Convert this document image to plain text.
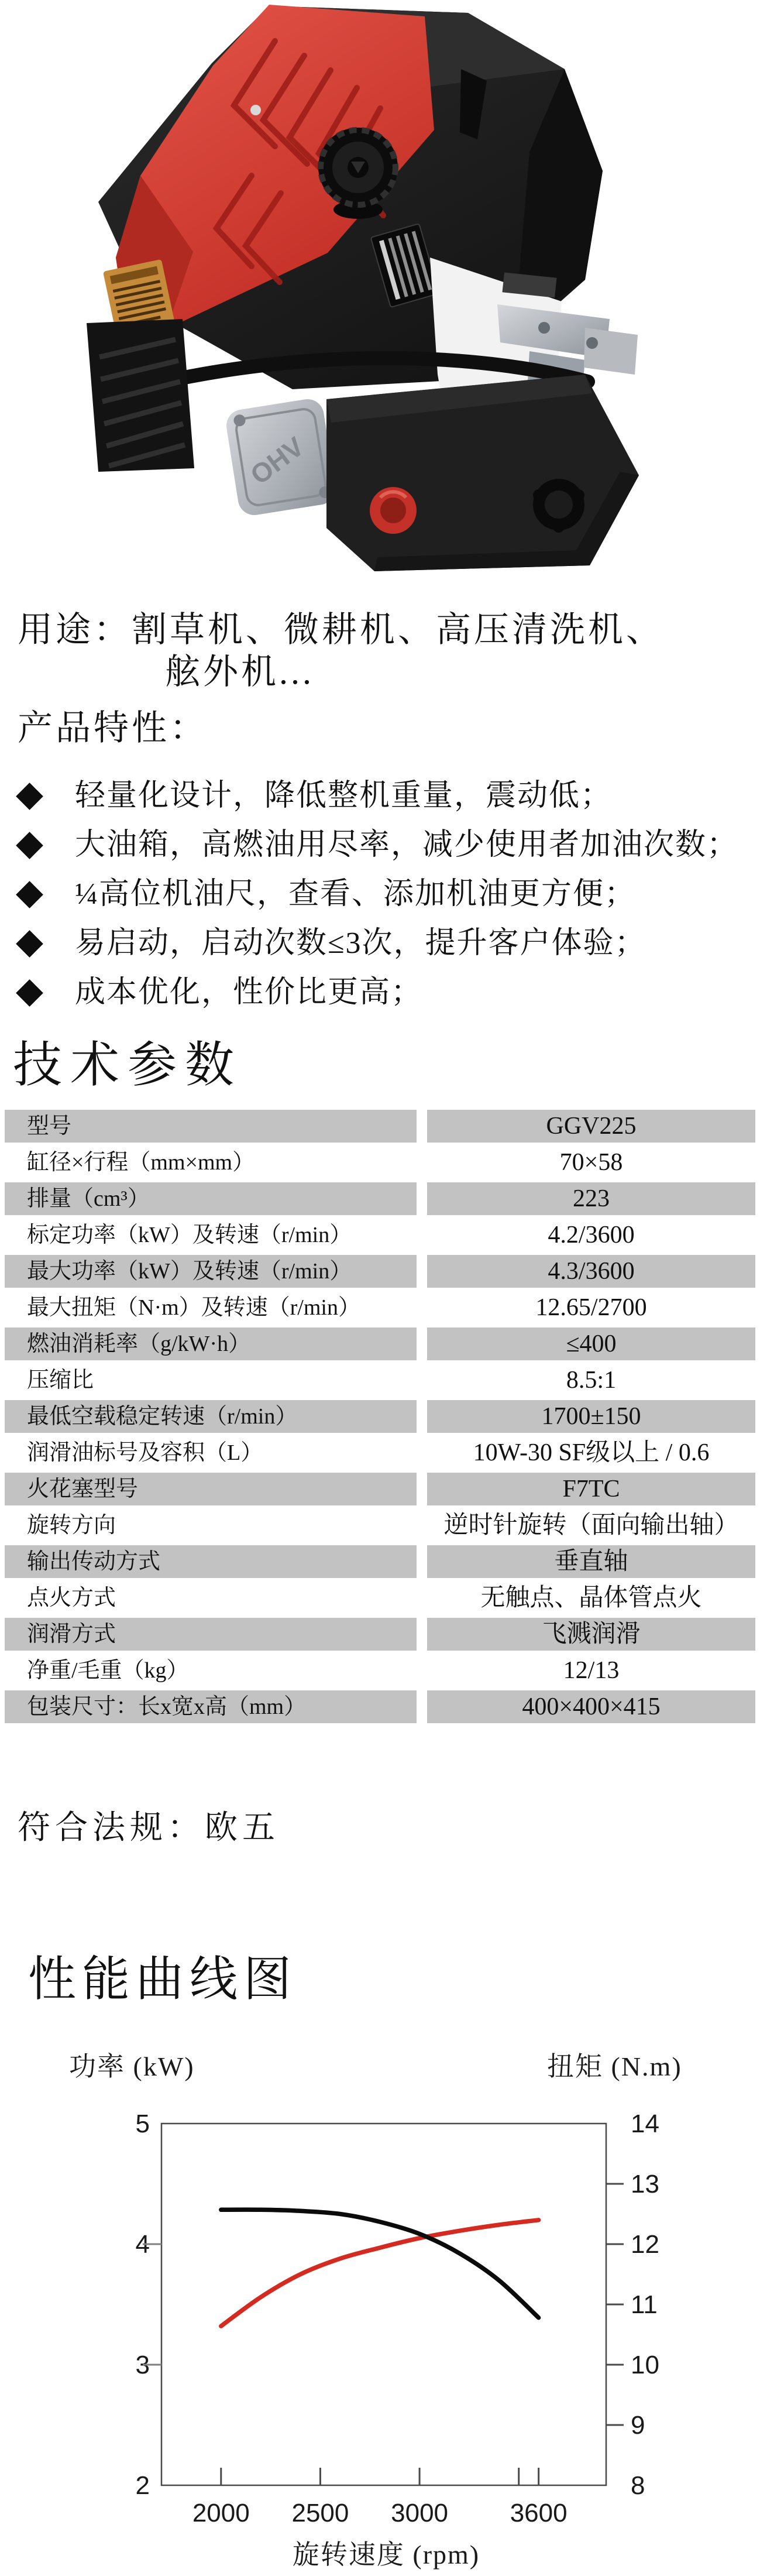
OHV
用途：割草机、微耕机、高压清洗机、
舷外机...
产品特性：
轻量化设计，降低整机重量，震动低；
大油箱，高燃油用尽率，减少使用者加油次数；
¼高位机油尺，查看、添加机油更方便；
易启动，启动次数≤3次，提升客户体验；
成本优化，性价比更高；
技术参数
型号	GGV225
缸径×行程（mm×mm）	70×58
排量（cm³）	223
标定功率（kW）及转速（r/min）	4.2/3600
最大功率（kW）及转速（r/min）	4.3/3600
最大扭矩（N·m）及转速（r/min）	12.65/2700
燃油消耗率（g/kW·h）	≤400
压缩比	8.5:1
最低空载稳定转速（r/min）	1700±150
润滑油标号及容积（L）	10W-30 SF级以上 / 0.6
火花塞型号	F7TC
旋转方向	逆时针旋转（面向输出轴）
输出传动方式	垂直轴
点火方式	无触点、晶体管点火
润滑方式	飞溅润滑
净重/毛重（kg）	12/13
包装尺寸：长x宽x高（mm）	400×400×415
符合法规：欧五
性能曲线图
功率 (kW)	扭矩 (N.m)
5
4
3
2
14
13
12
11
10
9
8
2000 2500 3000 3600
旋转速度 (rpm)
